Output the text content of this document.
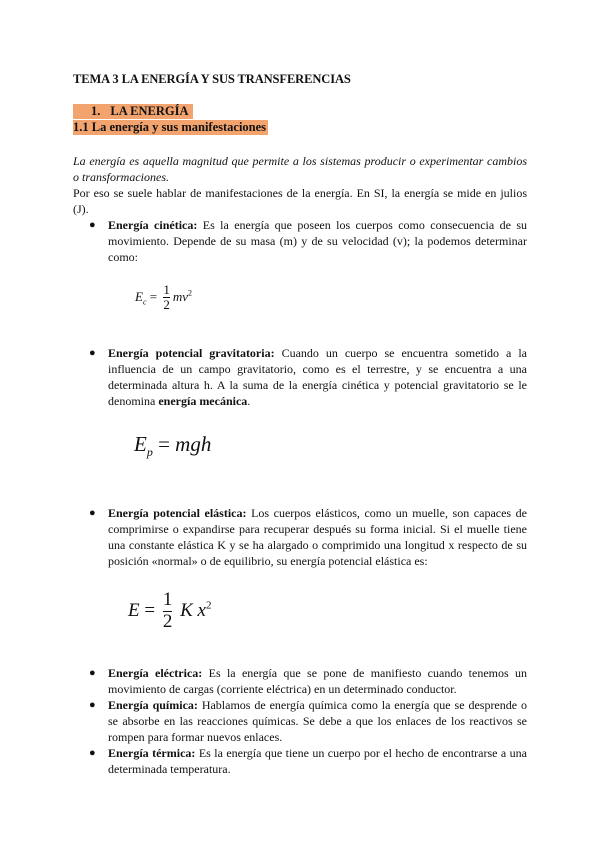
TEMA 3 LA ENERGÍA Y SUS TRANSFERENCIAS
1. LA ENERGÍA
1.1 La energía y sus manifestaciones
La energía es aquella magnitud que permite a los sistemas producir o experimentar cambios o transformaciones.
Por eso se suele hablar de manifestaciones de la energía. En SI, la energía se mide en julios (J).
● Energía cinética: Es la energía que poseen los cuerpos como consecuencia de su movimiento. Depende de su masa (m) y de su velocidad (v); la podemos determinar como:
$E_c = \frac{1}{2} mv^2$
● Energía potencial gravitatoria: Cuando un cuerpo se encuentra sometido a la influencia de un campo gravitatorio, como es el terrestre, y se encuentra a una determinada altura h. A la suma de la energía cinética y potencial gravitatorio se le denomina energía mecánica.
$E_p$ = mgh
● Energía potencial elástica: Los cuerpos elásticos, como un muelle, son capaces de comprimirse o expandirse para recuperar después su forma inicial. Si el muelle tiene una constante elástica K y se ha alargado o comprimido una longitud x respecto de su posición «normal» o de equilibrio, su energía potencial elástica es:
$E = \frac{1}{2}$ K $x^2$
● Energía eléctrica: Es la energía que se pone de manifiesto cuando tenemos un movimiento de cargas (corriente eléctrica) en un determinado conductor.
● Energía química: Hablamos de energía química como la energía que se desprende o se absorbe en las reacciones químicas. Se debe a que los enlaces de los reactivos se rompen para formar nuevos enlaces.
● Energía térmica: Es la energía que tiene un cuerpo por el hecho de encontrarse a una determinada temperatura.
